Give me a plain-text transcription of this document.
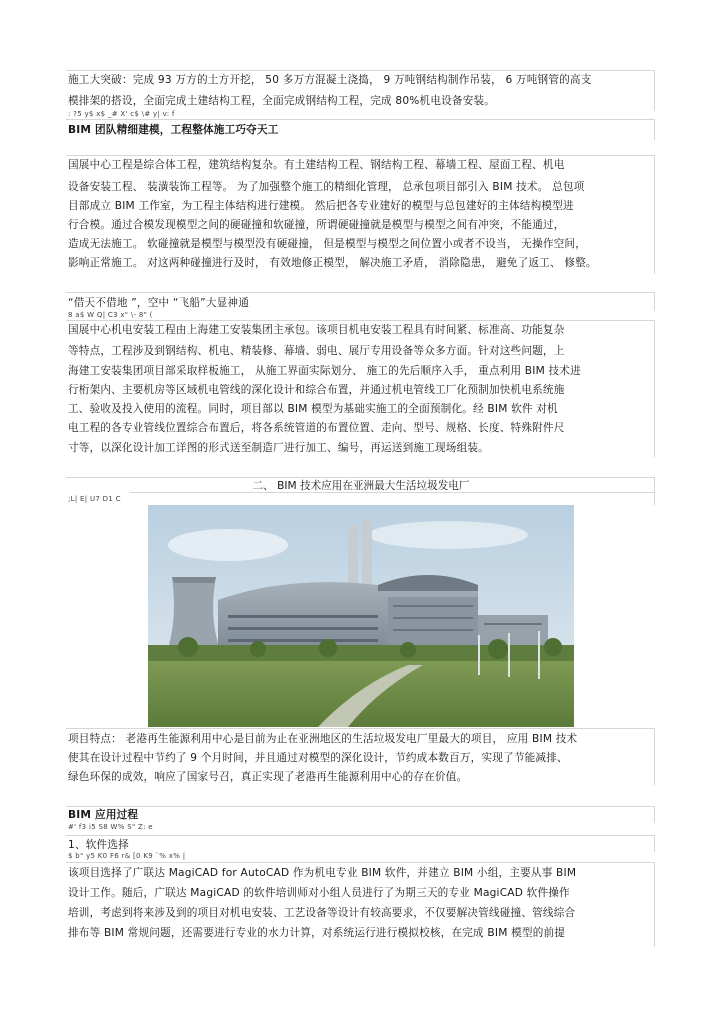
施工大突破：完成 93 万方的土方开挖， 50 多万方混凝土浇捣， 9 万吨钢结构制作吊装， 6 万吨钢管的高支
模排架的搭设，全面完成土建结构工程，全面完成钢结构工程，完成 80%机电设备安装。
: ?5 y$ x$ _# X' c$ \# y| v: f
BIM 团队精细建模，工程整体施工巧夺天工
国展中心工程是综合体工程，建筑结构复杂。有土建结构工程、钢结构工程、幕墙工程、屋面工程、机电
设备安装工程、 装潢装饰工程等。 为了加强整个施工的精细化管理， 总承包项目部引入 BIM 技术。 总包项
目部成立 BIM 工作室，为工程主体结构进行建模。 然后把各专业建好的模型与总包建好的主体结构模型进
行合模。通过合模发现模型之间的硬碰撞和软碰撞，所谓硬碰撞就是模型与模型之间有冲突，不能通过，
造成无法施工。 软碰撞就是模型与模型没有硬碰撞， 但是模型与模型之间位置小或者不设当， 无操作空间，
影响正常施工。 对这两种碰撞进行及时， 有效地修正模型， 解决施工矛盾， 消除隐患， 避免了返工、 修整。
“借天不借地 ”，空中 “飞船”大显神通
8 a$ W Q| C3 x" \- 8" (
国展中心机电安装工程由上海建工安装集团主承包。该项目机电安装工程具有时间紧、标准高、功能复杂
等特点，工程涉及到钢结构、机电、精装修、幕墙、弱电、展厅专用设备等众多方面。针对这些问题，上
海建工安装集团项目部采取样板施工， 从施工界面实际划分、 施工的先后顺序入手， 重点利用 BIM 技术进
行桁架内、主要机房等区域机电管线的深化设计和综合布置，并通过机电管线工厂化预制加快机电系统施
工、验收及投入使用的流程。同时，项目部以 BIM 模型为基础实施工的全面预制化。经 BIM 软件 对机
电工程的各专业管线位置综合布置后，将各系统管道的布置位置、走向、型号、规格、长度、特殊附件尺
寸等，以深化设计加工详图的形式送至制造厂进行加工、编号，再运送到施工现场组装。
二、 BIM 技术应用在亚洲最大生活垃圾发电厂
;L| E| U7 D1 C
项目特点： 老港再生能源利用中心是目前为止在亚洲地区的生活垃圾发电厂里最大的项目， 应用 BIM 技术
使其在设计过程中节约了 9 个月时间，并且通过对模型的深化设计，节约成本数百万，实现了节能减排、
绿色环保的成效，响应了国家号召，真正实现了老港再生能源利用中心的存在价值。
BIM 应用过程
#' f3 i5 S8 W% S" Z: e
1、软件选择
$ b" y5 K0 F6 r& [0 K9 `% x% |
该项目选择了广联达 MagiCAD for AutoCAD 作为机电专业 BIM 软件，并建立 BIM 小组，主要从事 BIM
设计工作。随后，广联达 MagiCAD 的软件培训师对小组人员进行了为期三天的专业 MagiCAD 软件操作
培训，考虑到将来涉及到的项目对机电安装、工艺设备等设计有较高要求，不仅要解决管线碰撞、管线综合
排布等 BIM 常规问题，还需要进行专业的水力计算，对系统运行进行模拟校核，在完成 BIM 模型的前提
